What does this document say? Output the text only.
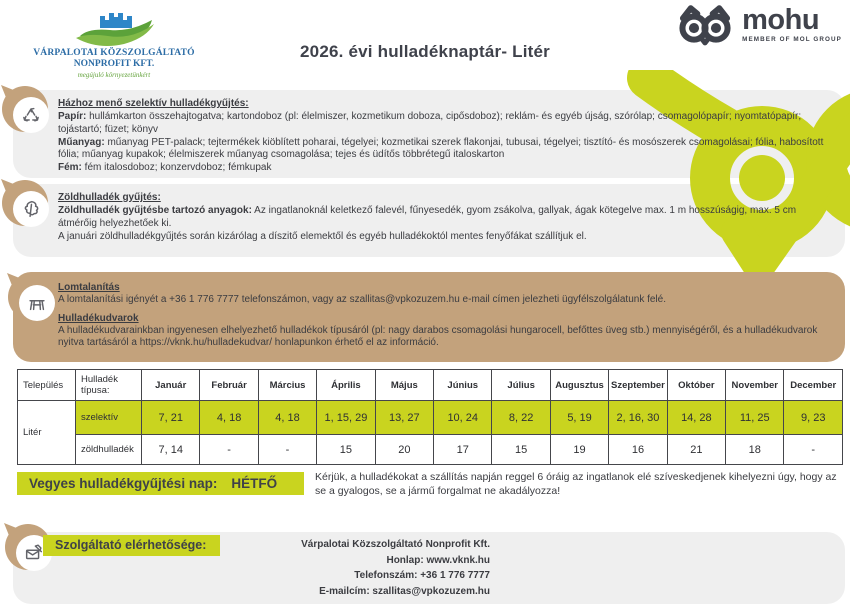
VÁRPALOTAI KÖZSZOLGÁLTATÓ
NONPROFIT KFT.
megújuló környezetünkért
2026. évi hulladéknaptár- Litér
mohu
MEMBER OF MOL GROUP

Házhoz menő szelektív hulladékgyűjtés:

Papír: hullámkarton összehajtogatva; kartondoboz (pl: élelmiszer, kozmetikum doboza, cipősdoboz); reklám- és egyéb újság, szórólap; csomagolópapír; nyomtatópapír; tojástartó; füzet; könyv

Műanyag: műanyag PET-palack; tejtermékek kiöblített poharai, tégelyei; kozmetikai szerek flakonjai, tubusai, tégelyei; tisztító- és mosószerek csomagolásai; fólia, habosított fólia; műanyag kupakok; élelmiszerek műanyag csomagolása; tejes és üdítős többrétegű italoskarton

Fém: fém italosdoboz; konzervdoboz; fémkupak

Zöldhulladék gyűjtés:

Zöldhulladék gyűjtésbe tartozó anyagok: Az ingatlanoknál keletkező falevél, fűnyesedék, gyom zsákolva, gallyak, ágak kötegelve max. 1 m hosszúságig, max. 5 cm átmérőig helyezhetőek ki.

A januári zöldhulladékgyűjtés során kizárólag a díszitő elemektől és egyéb hulladékoktól mentes fenyőfákat szállítjuk el.

Lomtalanítás
A lomtalanítási igényét a +36 1 776 7777 telefonszámon, vagy az szallitas@vpkozuzem.hu e-mail címen jelezheti ügyfélszolgálatunk felé.

Hulladékudvarok
A hulladékudvarainkban ingyenesen elhelyezhető hulladékok típusáról (pl: nagy darabos csomagolási hungarocell, befőttes üveg stb.) mennyiségéről, és a hulladékudvarok nyitva tartásáról a https://vknk.hu/hulladekudvar/ honlapunkon érhető el az információ.

Település	Hulladék típusa:	Január	Február	Március	Április	Május	Június	Július	Augusztus	Szeptember	Október	November	December
Litér	szelektív	7, 21	4, 18	4, 18	1, 15, 29	13, 27	10, 24	8, 22	5, 19	2, 16, 30	14, 28	11, 25	9, 23
	zöldhulladék	7, 14	-	-	15	20	17	15	19	16	21	18	-
Vegyes hulladékgyűjtési nap: HÉTFŐ	Kérjük, a hulladékokat a szállítás napján reggel 6 óráig az ingatlanok elé szíveskedjenek kihelyezni úgy, hogy az se a gyalogos, se a jármű forgalmat ne akadályozza!
Szolgáltató elérhetősége:	Várpalotai Közszolgáltató Nonprofit Kft.
Honlap: www.vknk.hu
Telefonszám: +36 1 776 7777
E-mailcím: szallitas@vpkozuzem.hu
